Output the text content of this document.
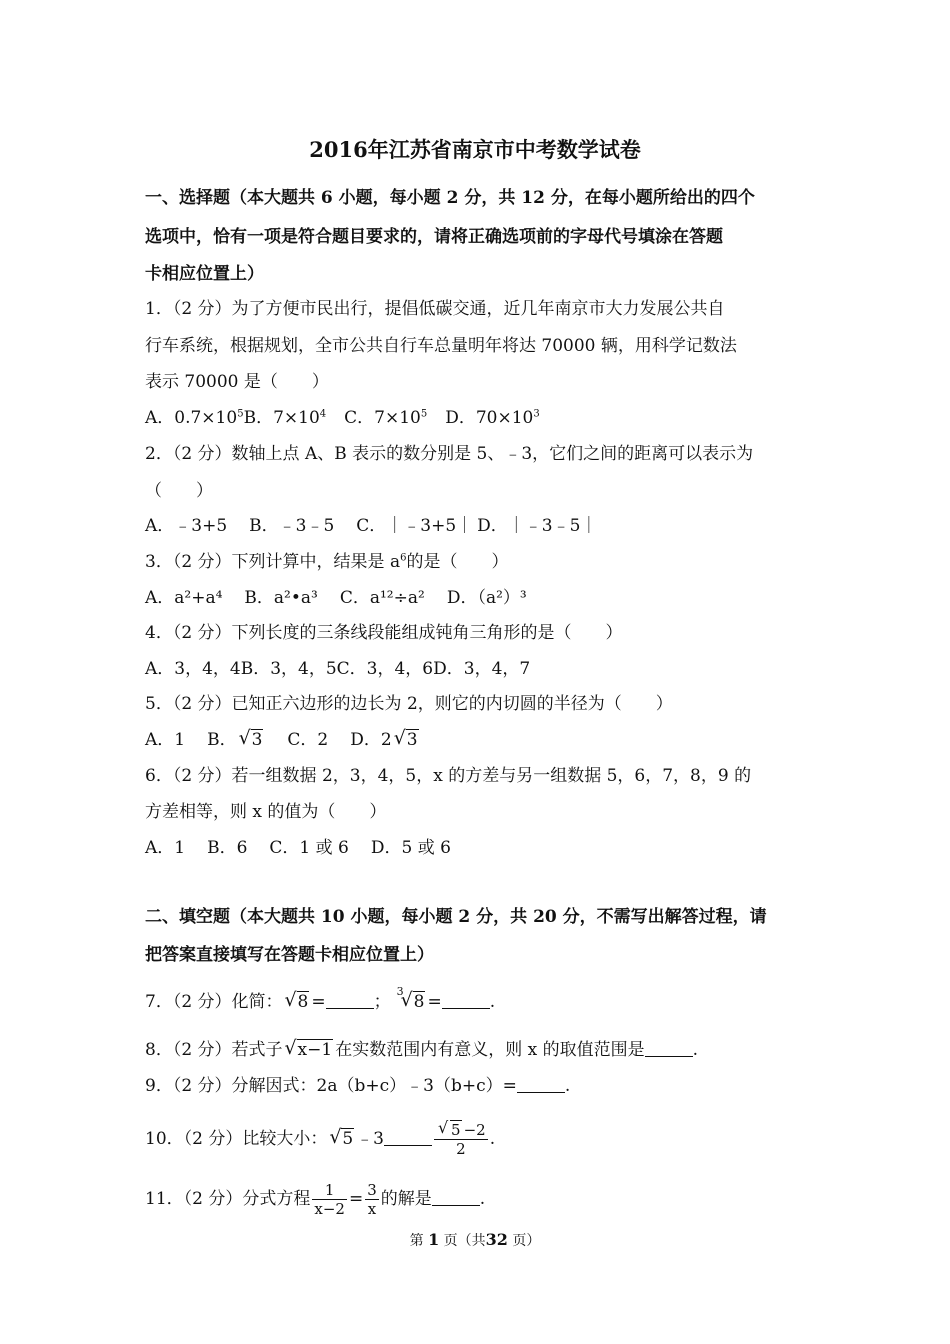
2016年江苏省南京市中考数学试卷
一、选择题（本大题共 6 小题，每小题 2 分，共 12 分，在每小题所给出的四个
选项中，恰有一项是符合题目要求的，请将正确选项前的字母代号填涂在答题
卡相应位置上）
1．（2 分）为了方便市民出行，提倡低碳交通，近几年南京市大力发展公共自
行车系统，根据规划，全市公共自行车总量明年将达 70000 辆，用科学记数法
表示 70000 是（　　）
A．$0.7\times 10^5B$．$7\times 10^4$ C．$7\times 10^5$ D．$70\times 10^3$
2．（2 分）数轴上点 A、B 表示的数分别是 5、﹣3，它们之间的距离可以表示为
（　　）
A．﹣3+5 B．﹣3﹣5 C．｜﹣3+5｜ D．｜﹣3﹣5｜
3．（2 分）下列计算中，结果是 $a^6$的是（　　）
A．a²+a⁴ B．a²•a³ C．a¹²÷a² D．（a²）³
4．（2 分）下列长度的三条线段能组成钝角三角形的是（　　）
A．3，4，4B．3，4，5C．3，4，6D．3，4，7
5．（2 分）已知正六边形的边长为 2，则它的内切圆的半径为（　　）
A．1 B． √ 3 C．2 D．2 √ 3
6．（2 分）若一组数据 2，3，4，5，x 的方差与另一组数据 5，6，7，8，9 的
方差相等，则 x 的值为（　　）
A．1 B．6 C．1 或 6 D．5 或 6
二、填空题（本大题共 10 小题，每小题 2 分，共 20 分，不需写出解答过程，请
把答案直接填写在答题卡相应位置上）
7．（2 分）化简： √ 8 =	；
3
√ 8 =	.
8．（2 分）若式子 √ x−1 在实数范围内有意义，则 x 的取值范围是	.
9．（2 分）分解因式：2a（b+c）﹣3（b+c）=	.
10．（2 分）比较大小： √ 5 ﹣3	$\frac{√ 5 -2}{2}$ .
11．（2 分）分式方程 $\frac{1}{x-2} = \frac{3}{x}$ 的解是	.
第 1 页（共32 页）
